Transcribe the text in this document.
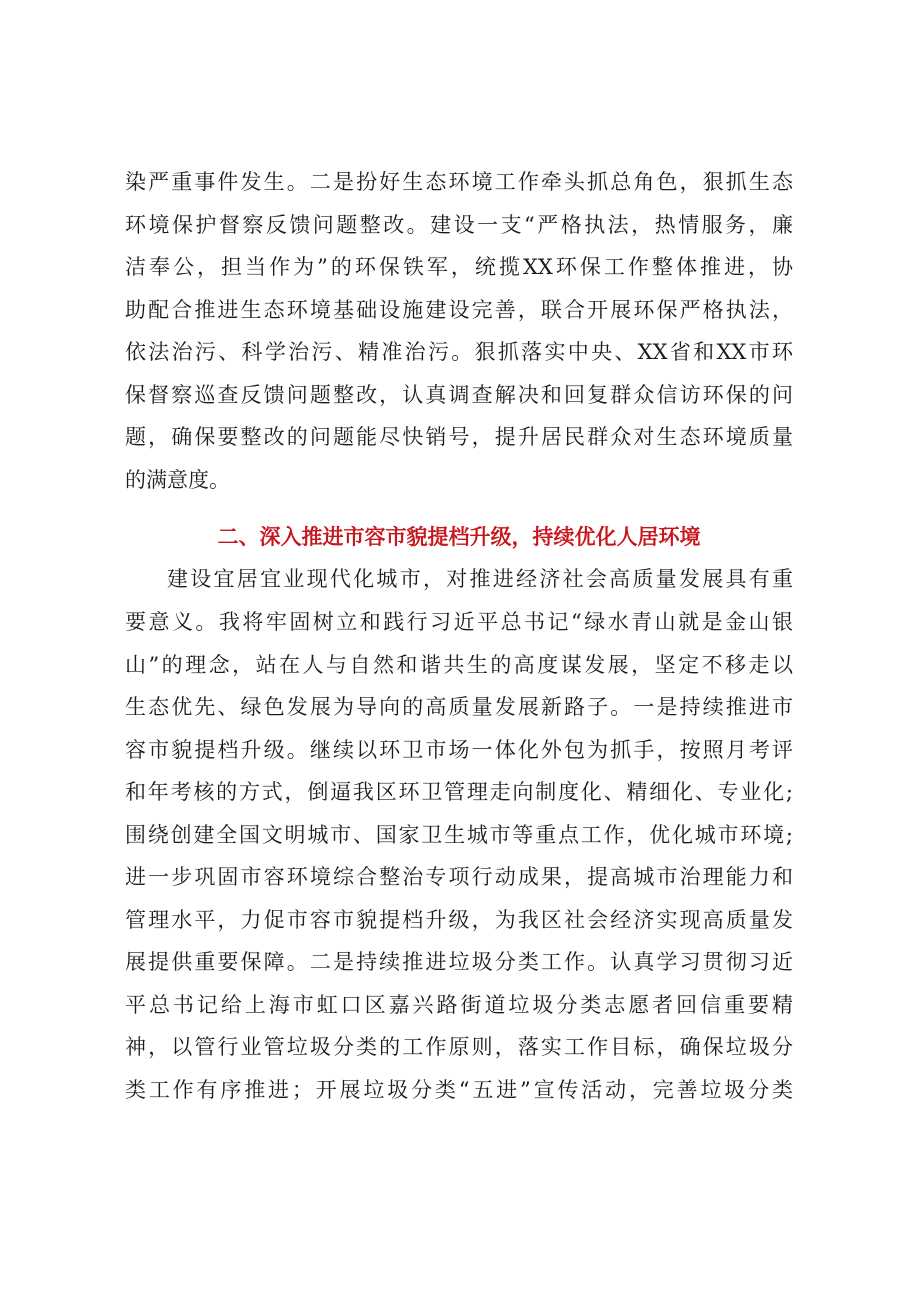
染严重事件发生。二是扮好生态环境工作牵头抓总角色，狠抓生态
环境保护督察反馈问题整改。建设一支“严格执法，热情服务，廉
洁奉公，担当作为”的环保铁军，统揽XX环保工作整体推进，协
助配合推进生态环境基础设施建设完善，联合开展环保严格执法，
依法治污、科学治污、精准治污。狠抓落实中央、XX省和XX市环
保督察巡查反馈问题整改，认真调查解决和回复群众信访环保的问
题，确保要整改的问题能尽快销号，提升居民群众对生态环境质量
的满意度。
二、深入推进市容市貌提档升级，持续优化人居环境
建设宜居宜业现代化城市，对推进经济社会高质量发展具有重
要意义。我将牢固树立和践行习近平总书记“绿水青山就是金山银
山”的理念，站在人与自然和谐共生的高度谋发展，坚定不移走以
生态优先、绿色发展为导向的高质量发展新路子。一是持续推进市
容市貌提档升级。继续以环卫市场一体化外包为抓手，按照月考评
和年考核的方式，倒逼我区环卫管理走向制度化、精细化、专业化;
围绕创建全国文明城市、国家卫生城市等重点工作，优化城市环境;
进一步巩固市容环境综合整治专项行动成果，提高城市治理能力和
管理水平，力促市容市貌提档升级，为我区社会经济实现高质量发
展提供重要保障。二是持续推进垃圾分类工作。认真学习贯彻习近
平总书记给上海市虹口区嘉兴路街道垃圾分类志愿者回信重要精
神，以管行业管垃圾分类的工作原则，落实工作目标，确保垃圾分
类工作有序推进；开展垃圾分类“五进”宣传活动，完善垃圾分类
